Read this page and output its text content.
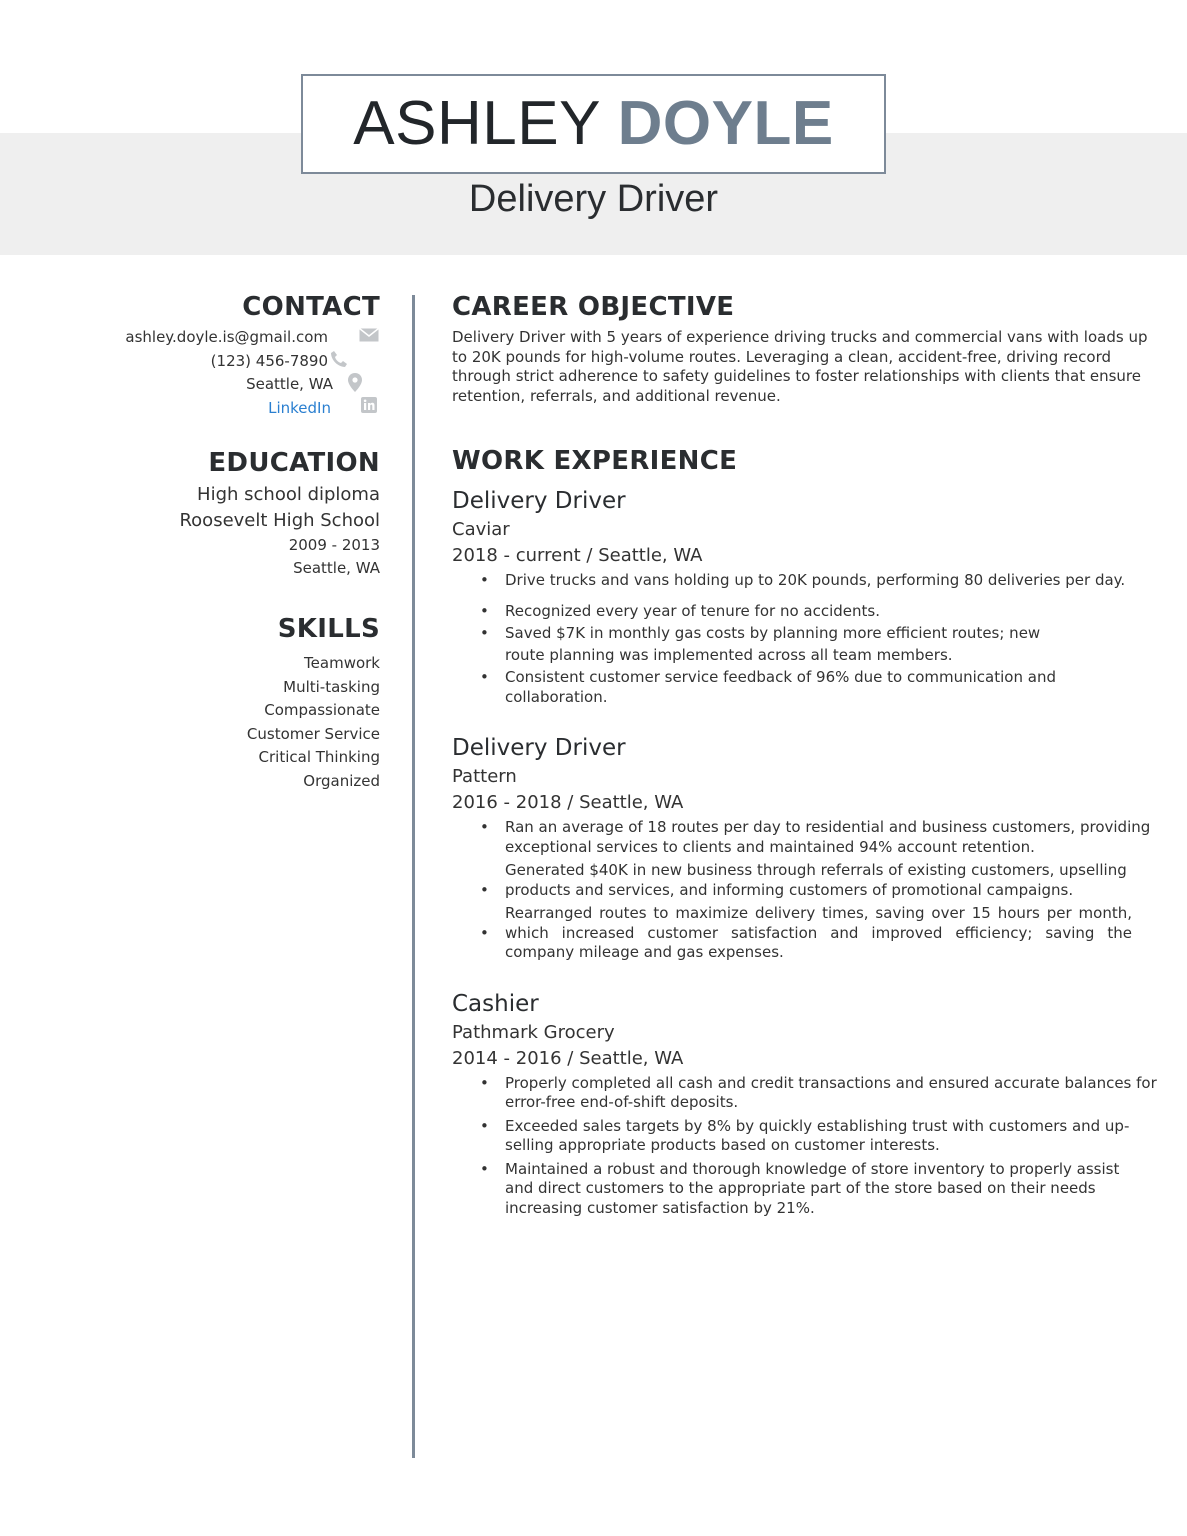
ASHLEY DOYLE
Delivery Driver
CONTACT
ashley.doyle.is@gmail.com
(123) 456-7890
Seattle, WA
LinkedIn
EDUCATION
High school diploma
Roosevelt High School
2009 - 2013
Seattle, WA
SKILLS
Teamwork
Multi-tasking
Compassionate
Customer Service
Critical Thinking
Organized
CAREER OBJECTIVE
Delivery Driver with 5 years of experience driving trucks and commercial vans with loads up to 20K pounds for high-volume routes. Leveraging a clean, accident-free, driving record through strict adherence to safety guidelines to foster relationships with clients that ensure retention, referrals, and additional revenue.
WORK EXPERIENCE
Delivery Driver
Caviar
2018 - current / Seattle, WA
• Drive trucks and vans holding up to 20K pounds, performing 80 deliveries per day.
• Recognized every year of tenure for no accidents.
• Saved $7K in monthly gas costs by planning more efficient routes; new route planning was implemented across all team members.
• Consistent customer service feedback of 96% due to communication and collaboration.
Delivery Driver
Pattern
2016 - 2018 / Seattle, WA
• Ran an average of 18 routes per day to residential and business customers, providing exceptional services to clients and maintained 94% account retention.
•
Generated $40K in new business through referrals of existing customers, upselling products and services, and informing customers of promotional campaigns.
•
Rearranged routes to maximize delivery times, saving over 15 hours per month, which increased customer satisfaction and improved efficiency; saving the company mileage and gas expenses.
Cashier
Pathmark Grocery
2014 - 2016 / Seattle, WA
• Properly completed all cash and credit transactions and ensured accurate balances for error-free end-of-shift deposits.
• Exceeded sales targets by 8% by quickly establishing trust with customers and up-selling appropriate products based on customer interests.
• Maintained a robust and thorough knowledge of store inventory to properly assist and direct customers to the appropriate part of the store based on their needs increasing customer satisfaction by 21%.
